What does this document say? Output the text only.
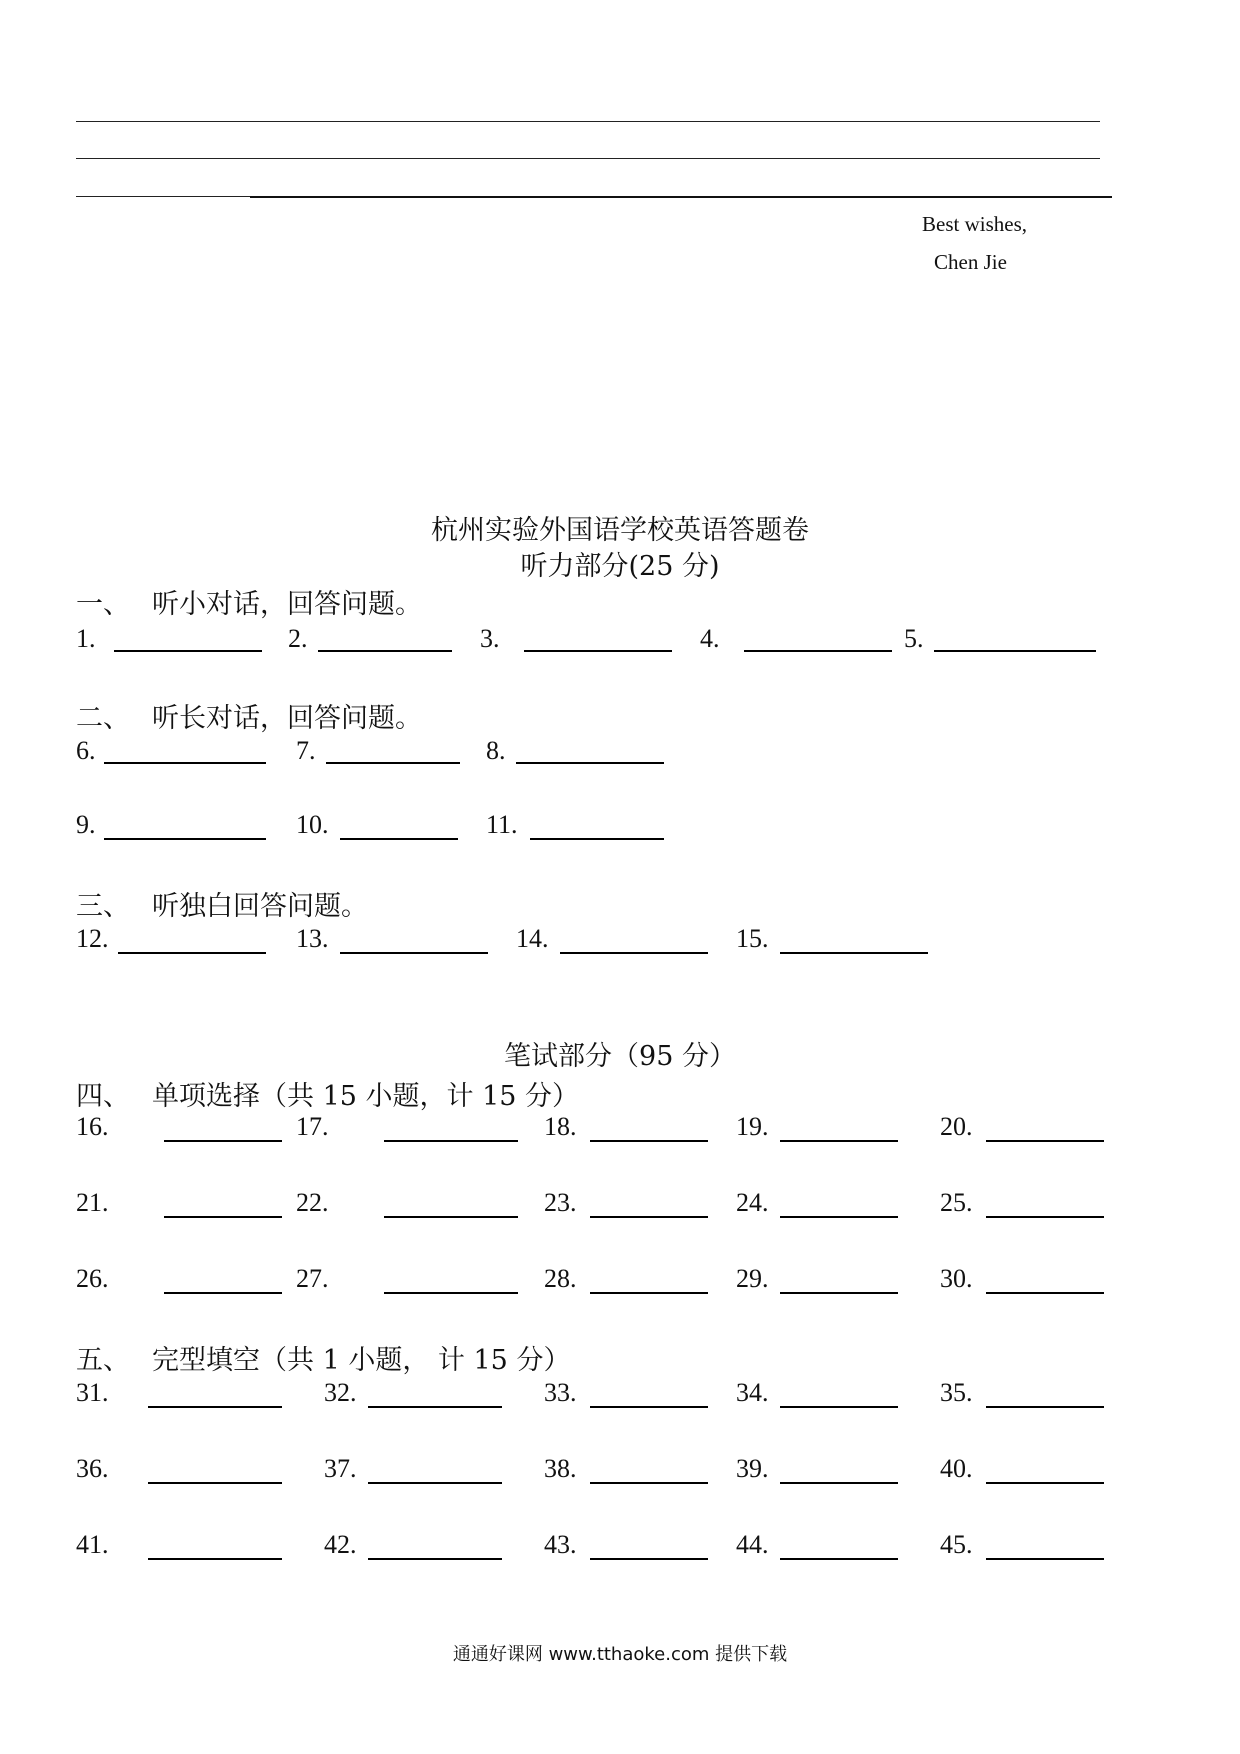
Best wishes,
Chen Jie
杭州实验外国语学校英语答题卷
听力部分(25 分)
一、 听小对话，回答问题。
二、 听长对话，回答问题。
三、 听独白回答问题。
笔试部分（95 分）
四、 单项选择（共 15 小题，计 15 分）
五、 完型填空（共 1 小题， 计 15 分）
1.	2.	3.	4.	5.
6.	7.	8.
9.	10.	11.
12.	13.	14.	15.
16.	17.	18.	19.	20.
21.	22.	23.	24.	25.
26.	27.	28.	29.	30.
31.	32.	33.	34.	35.
36.	37.	38.	39.	40.
41.	42.	43.	44.	45.
通通好课网 www.tthaoke.com 提供下载
